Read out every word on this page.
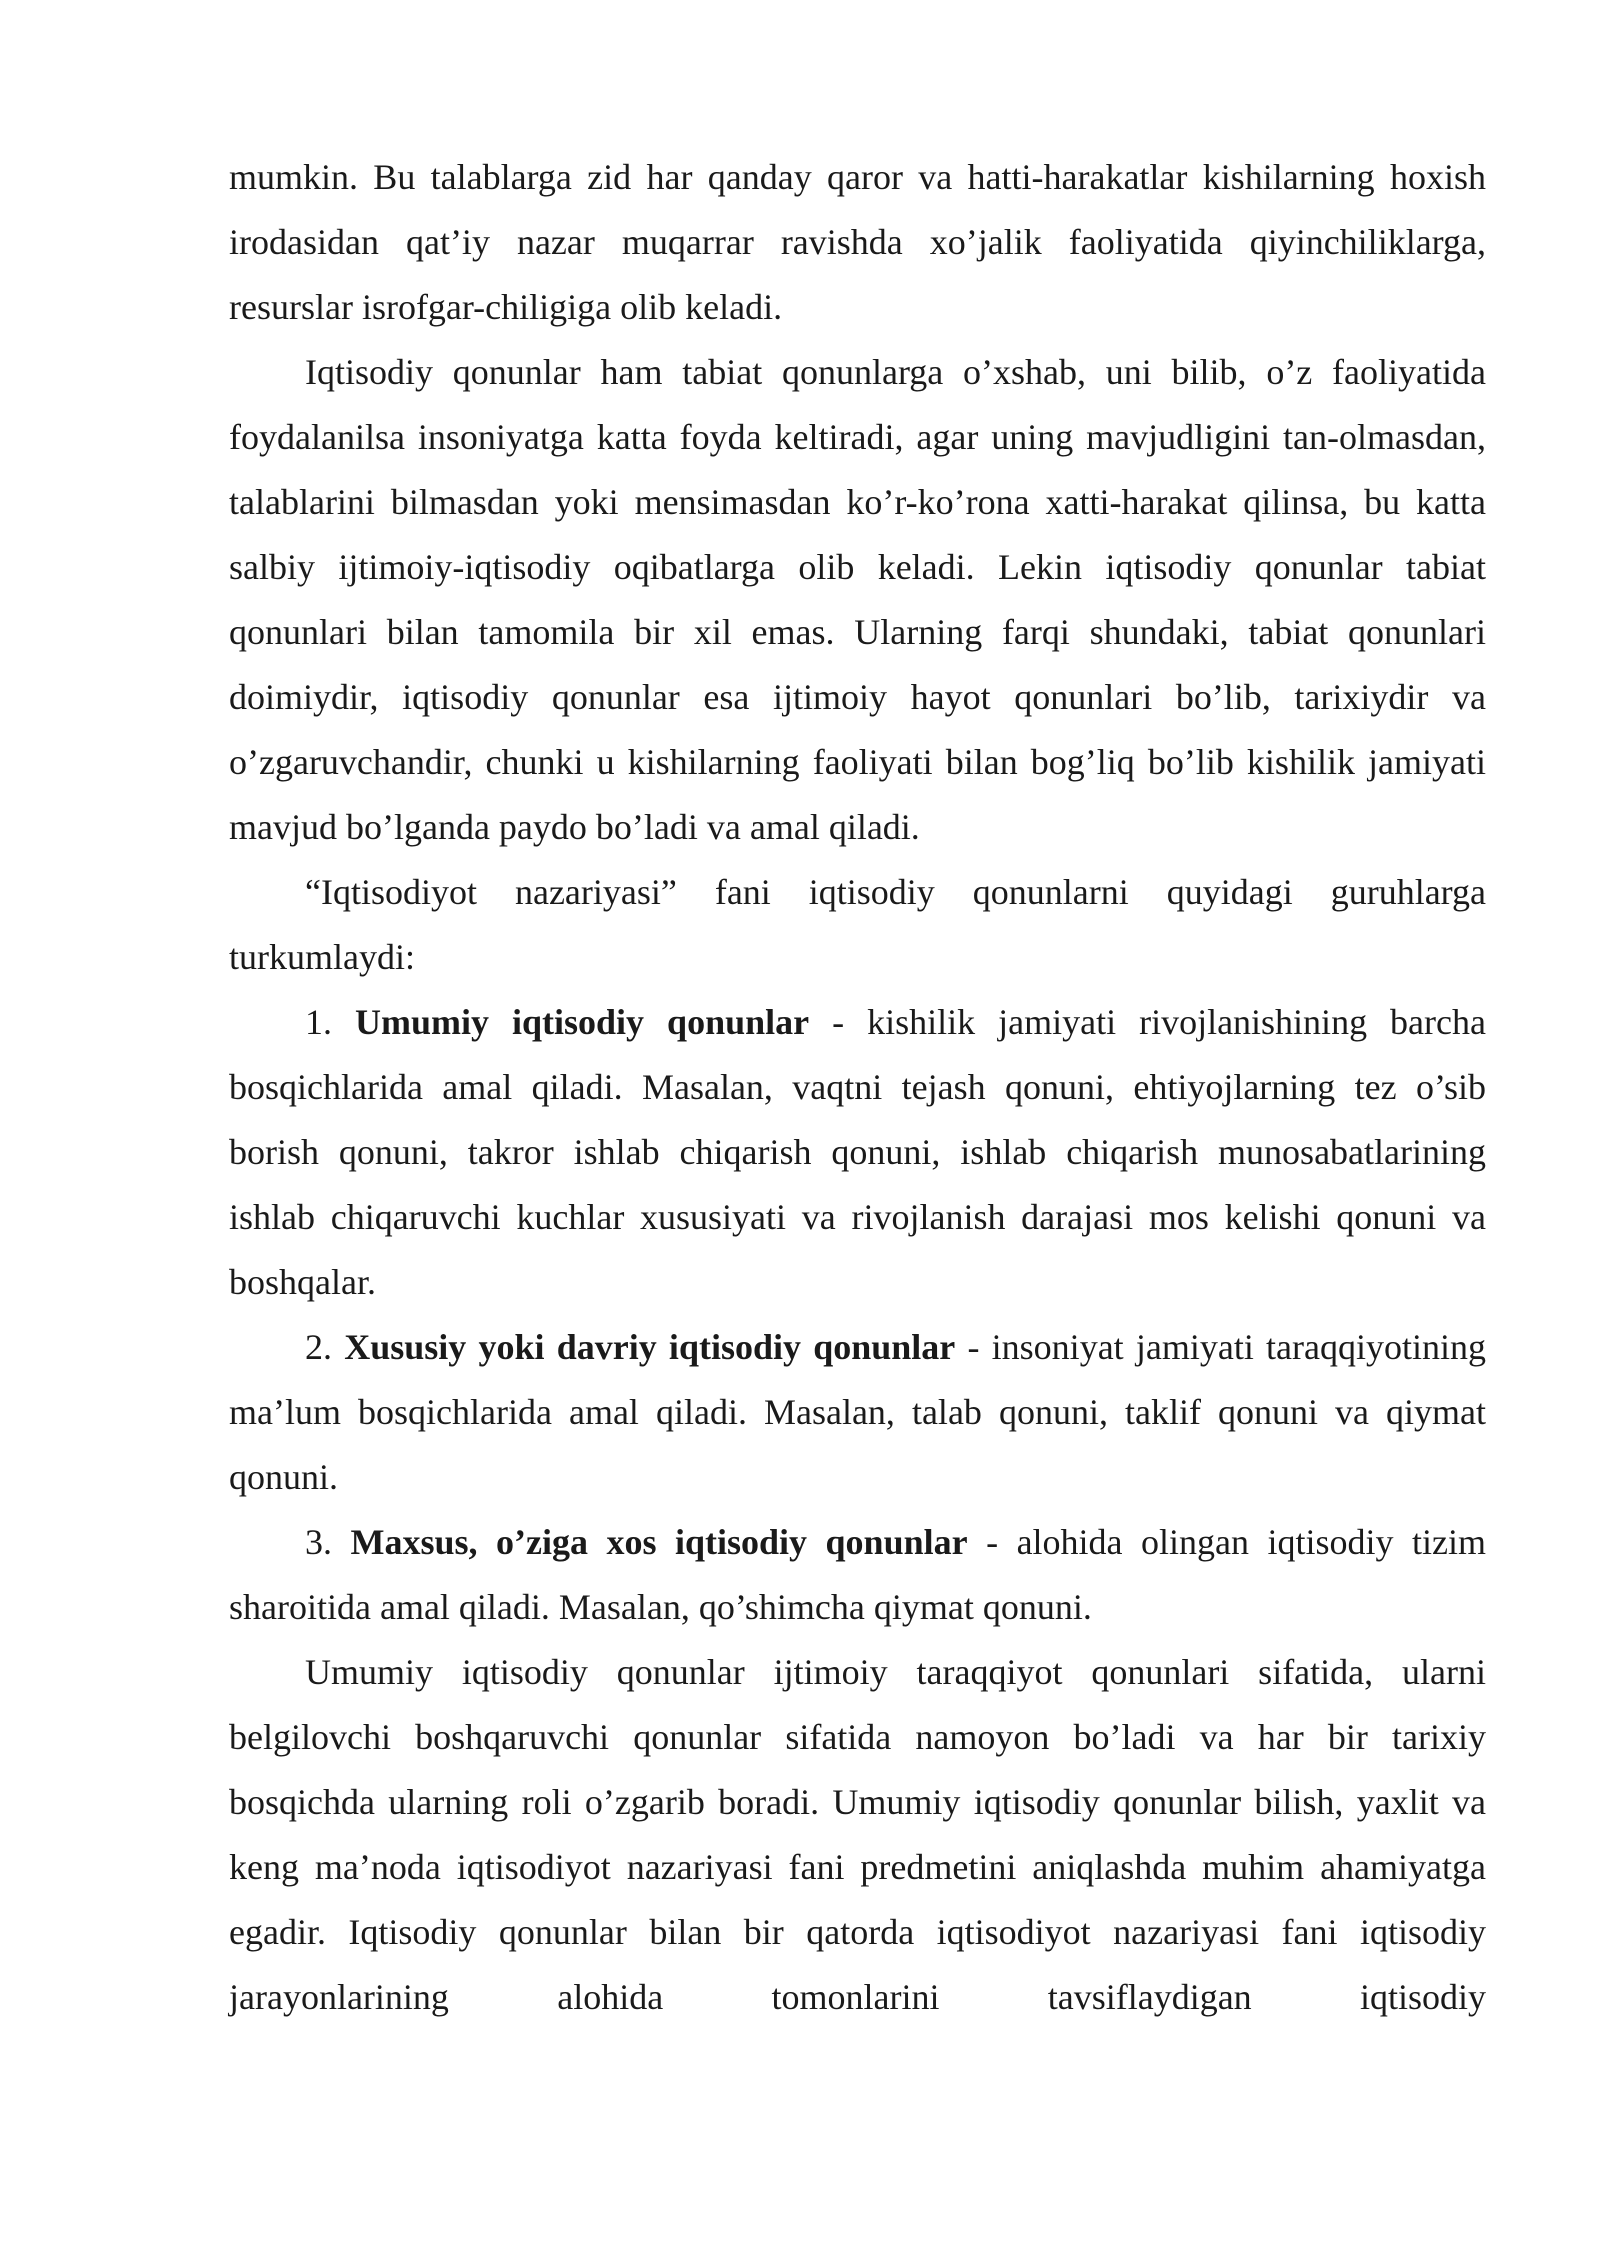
mumkin. Bu talablarga zid har qanday qaror va hatti-harakatlar kishilarning hoxish irodasidan qat’iy nazar muqarrar ravishda xo’jalik faoliyatida qiyinchiliklarga, resurslar isrofgar-chiligiga olib keladi.

Iqtisodiy qonunlar ham tabiat qonunlarga o’xshab, uni bilib, o’z faoliyatida foydalanilsa insoniyatga katta foyda keltiradi, agar uning mavjudligini tan-olmasdan, talablarini bilmasdan yoki mensimasdan ko’r-ko’rona xatti-harakat qilinsa, bu katta salbiy ijtimoiy-iqtisodiy oqibatlarga olib keladi. Lekin iqtisodiy qonunlar tabiat qonunlari bilan tamomila bir xil emas. Ularning farqi shundaki, tabiat qonunlari doimiydir, iqtisodiy qonunlar esa ijtimoiy hayot qonunlari bo’lib, tarixiydir va o’zgaruvchandir, chunki u kishilarning faoliyati bilan bog’liq bo’lib kishilik jamiyati mavjud bo’lganda paydo bo’ladi va amal qiladi.

“Iqtisodiyot nazariyasi” fani iqtisodiy qonunlarni quyidagi guruhlarga turkumlaydi:

1. Umumiy iqtisodiy qonunlar - kishilik jamiyati rivojlanishining barcha bosqichlarida amal qiladi. Masalan, vaqtni tejash qonuni, ehtiyojlarning tez o’sib borish qonuni, takror ishlab chiqarish qonuni, ishlab chiqarish munosabatlarining ishlab chiqaruvchi kuchlar xususiyati va rivojlanish darajasi mos kelishi qonuni va boshqalar.

2. Xususiy yoki davriy iqtisodiy qonunlar - insoniyat jamiyati taraqqiyotining ma’lum bosqichlarida amal qiladi. Masalan, talab qonuni, taklif qonuni va qiymat qonuni.

3. Maxsus, o’ziga xos iqtisodiy qonunlar - alohida olingan iqtisodiy tizim sharoitida amal qiladi. Masalan, qo’shimcha qiymat qonuni.

Umumiy iqtisodiy qonunlar ijtimoiy taraqqiyot qonunlari sifatida, ularni belgilovchi boshqaruvchi qonunlar sifatida namoyon bo’ladi va har bir tarixiy bosqichda ularning roli o’zgarib boradi. Umumiy iqtisodiy qonunlar bilish, yaxlit va keng ma’noda iqtisodiyot nazariyasi fani predmetini aniqlashda muhim ahamiyatga egadir. Iqtisodiy qonunlar bilan bir qatorda iqtisodiyot nazariyasi fani iqtisodiy jarayonlarining alohida tomonlarini tavsiflaydigan iqtisodiy
